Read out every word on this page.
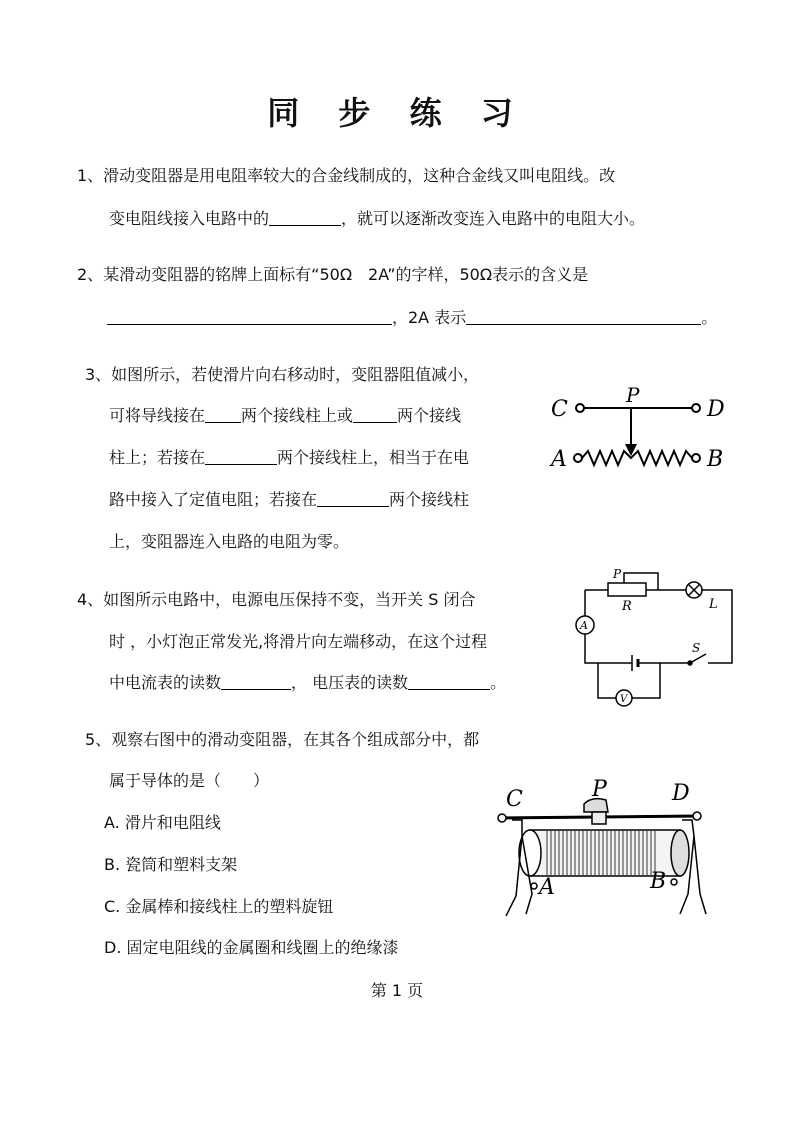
同 步 练 习
1、滑动变阻器是用电阻率较大的合金线制成的，这种合金线又叫电阻线。改
变电阻线接入电路中的	，就可以逐渐改变连入电路中的电阻大小。
2、某滑动变阻器的铭牌上面标有“50Ω　2A”的字样，50Ω表示的含义是
，2A 表示	。
3、如图所示，若使滑片向右移动时，变阻器阻值减小，
可将导线接在 两个接线柱上或	两个接线
柱上；若接在	两个接线柱上，相当于在电
路中接入了定值电阻；若接在	两个接线柱
上，变阻器连入电路的电阻为零。
C	D
P
A	B
4、如图所示电路中，电源电压保持不变，当开关 S 闭合
时 ，小灯泡正常发光,将滑片向左端移动，在这个过程
中电流表的读数	， 电压表的读数	。
P
R	L
S
A
V
5、观察右图中的滑动变阻器，在其各个组成部分中，都
属于导体的是（　　）
A. 滑片和电阻线
B. 瓷筒和塑料支架
C. 金属棒和接线柱上的塑料旋钮
D. 固定电阻线的金属圈和线圈上的绝缘漆
C	P	D
A	B
第 1 页
